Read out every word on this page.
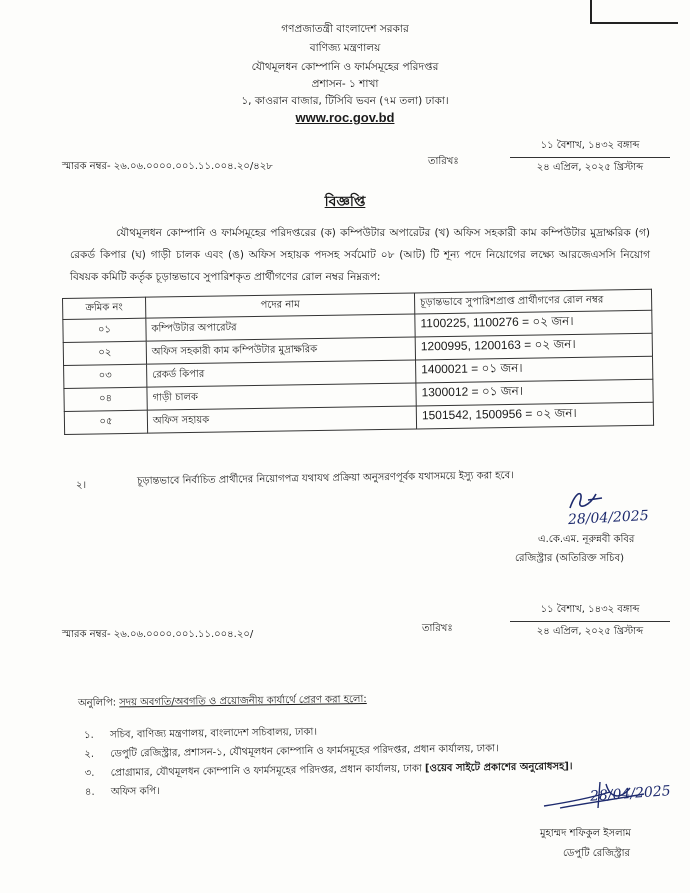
গণপ্রজাতন্ত্রী বাংলাদেশ সরকার
বাণিজ্য মন্ত্রণালয়
যৌথমূলধন কোম্পানি ও ফার্মসমূহের পরিদপ্তর
প্রশাসন- ১ শাখা
১, কাওরান বাজার, টিসিবি ভবন (৭ম তলা) ঢাকা।
www.roc.gov.bd
স্মারক নম্বর- ২৬.০৬.০০০০.০০১.১১.০০৪.২০/৪২৮	তারিখঃ
১১ বৈশাখ, ১৪৩২ বঙ্গাব্দ
২৪ এপ্রিল, ২০২৫ খ্রিস্টাব্দ
বিজ্ঞপ্তি
যৌথমূলধন কোম্পানি ও ফার্মসমূহের পরিদপ্তরের (ক) কম্পিউটার অপারেটর (খ) অফিস সহকারী কাম কম্পিউটার মুদ্রাক্ষরিক (গ) রেকর্ড কিপার (ঘ) গাড়ী চালক এবং (ঙ) অফিস সহায়ক পদসহ সর্বমোট ০৮ (আট) টি শূন্য পদে নিয়োগের লক্ষ্যে আরজেএসসি নিয়োগ বিষয়ক কমিটি কর্তৃক চূড়ান্তভাবে সুপারিশকৃত প্রার্থীগণের রোল নম্বর নিম্নরূপ:
ক্রমিক নং	পদের নাম	চূড়ান্তভাবে সুপারিশপ্রাপ্ত প্রার্থীগণের রোল নম্বর
০১	কম্পিউটার অপারেটর	1100225, 1100276 = ০২ জন।
০২	অফিস সহকারী কাম কম্পিউটার মুদ্রাক্ষরিক	1200995, 1200163 = ০২ জন।
০৩	রেকর্ড কিপার	1400021 = ০১ জন।
০৪	গাড়ী চালক	1300012 = ০১ জন।
০৫	অফিস সহায়ক	1501542, 1500956 = ০২ জন।
২।	চূড়ান্তভাবে নির্বাচিত প্রার্থীদের নিয়োগপত্র যথাযথ প্রক্রিয়া অনুসরণপূর্বক যথাসময়ে ইস্যু করা হবে।
28/04/2025
এ.কে.এম. নূরুন্নবী কবির
রেজিস্ট্রার (অতিরিক্ত সচিব)
স্মারক নম্বর- ২৬.০৬.০০০০.০০১.১১.০০৪.২০/
তারিখঃ
১১ বৈশাখ, ১৪৩২ বঙ্গাব্দ
২৪ এপ্রিল, ২০২৫ খ্রিস্টাব্দ
অনুলিপি: সদয় অবগতি/অবগতি ও প্রয়োজনীয় কার্যার্থে প্রেরণ করা হলো:
১. সচিব, বাণিজ্য মন্ত্রণালয়, বাংলাদেশ সচিবালয়, ঢাকা।
২. ডেপুটি রেজিস্ট্রার, প্রশাসন-১, যৌথমূলধন কোম্পানি ও ফার্মসমূহের পরিদপ্তর, প্রধান কার্যালয়, ঢাকা।
৩. প্রোগ্রামার, যৌথমূলধন কোম্পানি ও ফার্মসমূহের পরিদপ্তর, প্রধান কার্যালয়, ঢাকা [ওয়েব সাইটে প্রকাশের অনুরোধসহ]।
৪. অফিস কপি।	28/04/2025
মুহাম্মদ শফিকুল ইসলাম
ডেপুটি রেজিস্ট্রার
